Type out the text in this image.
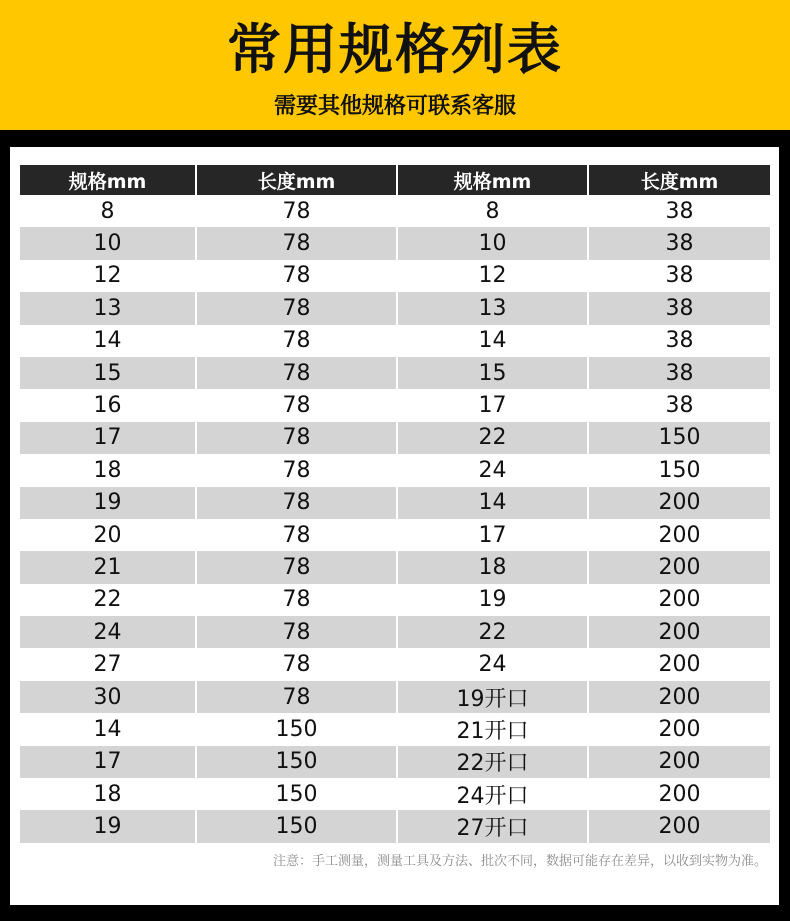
常用规格列表
需要其他规格可联系客服
规格mm	长度mm	规格mm	长度mm
8	78	8	38
10	78	10	38
12	78	12	38
13	78	13	38
14	78	14	38
15	78	15	38
16	78	17	38
17	78	22	150
18	78	24	150
19	78	14	200
20	78	17	200
21	78	18	200
22	78	19	200
24	78	22	200
27	78	24	200
30	78	19开口	200
14	150	21开口	200
17	150	22开口	200
18	150	24开口	200
19	150	27开口	200
注意：手工测量，测量工具及方法、批次不同，数据可能存在差异，以收到实物为准。
